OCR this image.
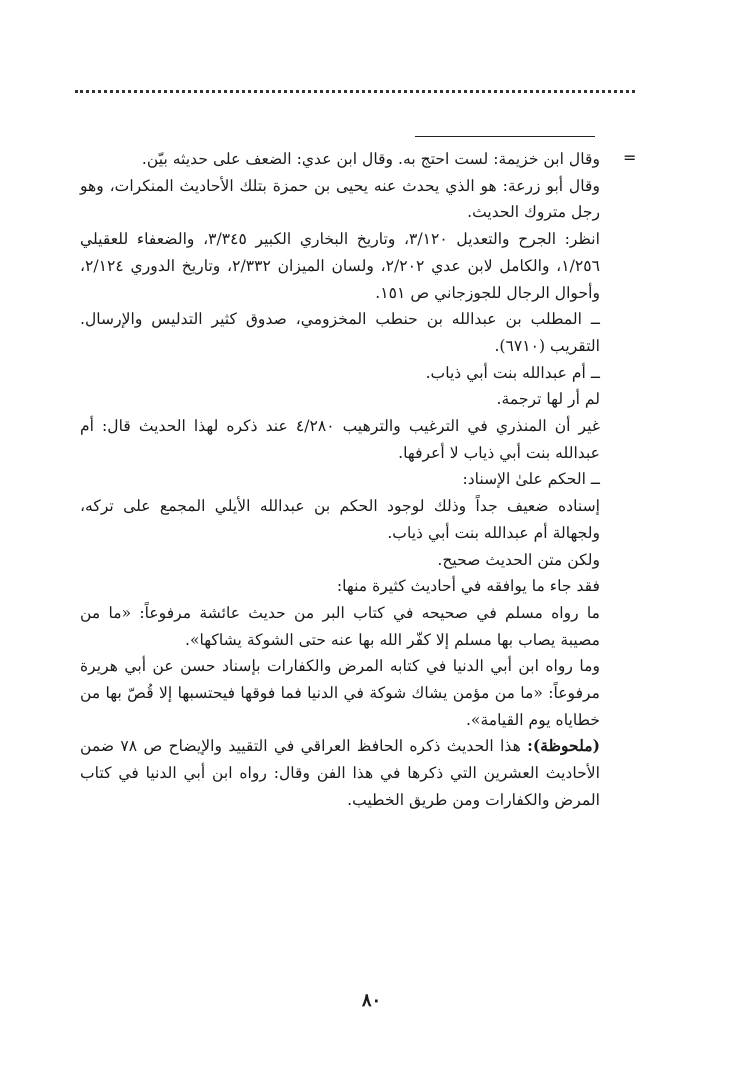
=

وقال ابن خزيمة: لست احتج به. وقال ابن عدي: الضعف على حديثه بيّن.

وقال أبو زرعة: هو الذي يحدث عنه يحيى بن حمزة بتلك الأحاديث المنكرات، وهو رجل متروك الحديث.

انظر: الجرح والتعديل ٣/١٢٠، وتاريخ البخاري الكبير ٣/٣٤٥، والضعفاء للعقيلي ١/٢٥٦، والكامل لابن عدي ٢/٢٠٢، ولسان الميزان ٢/٣٣٢، وتاريخ الدوري ٢/١٢٤، وأحوال الرجال للجوزجاني ص ١٥١.

ــ المطلب بن عبدالله بن حنطب المخزومي، صدوق كثير التدليس والإرسال. التقريب (٦٧١٠).

ــ أم عبدالله بنت أبي ذياب.

لم أر لها ترجمة.

غير أن المنذري في الترغيب والترهيب ٤/٢٨٠ عند ذكره لهذا الحديث قال: أم عبدالله بنت أبي ذياب لا أعرفها.

ــ الحكم علىٰ الإسناد:

إسناده ضعيف جداً وذلك لوجود الحكم بن عبدالله الأيلي المجمع على تركه، ولجهالة أم عبدالله بنت أبي ذياب.

ولكن متن الحديث صحيح.

فقد جاء ما يوافقه في أحاديث كثيرة منها:

ما رواه مسلم في صحيحه في كتاب البر من حديث عائشة مرفوعاً: «ما من مصيبة يصاب بها مسلم إلا كفّر الله بها عنه حتى الشوكة يشاكها».

وما رواه ابن أبي الدنيا في كتابه المرض والكفارات بإسناد حسن عن أبي هريرة مرفوعاً: «ما من مؤمن يشاك شوكة في الدنيا فما فوقها فيحتسبها إلا قُصّ بها من خطاياه يوم القيامة».

(ملحوظة): هذا الحديث ذكره الحافظ العراقي في التقييد والإيضاح ص ٧٨ ضمن الأحاديث العشرين التي ذكرها في هذا الفن وقال: رواه ابن أبي الدنيا في كتاب المرض والكفارات ومن طريق الخطيب.

٨٠
